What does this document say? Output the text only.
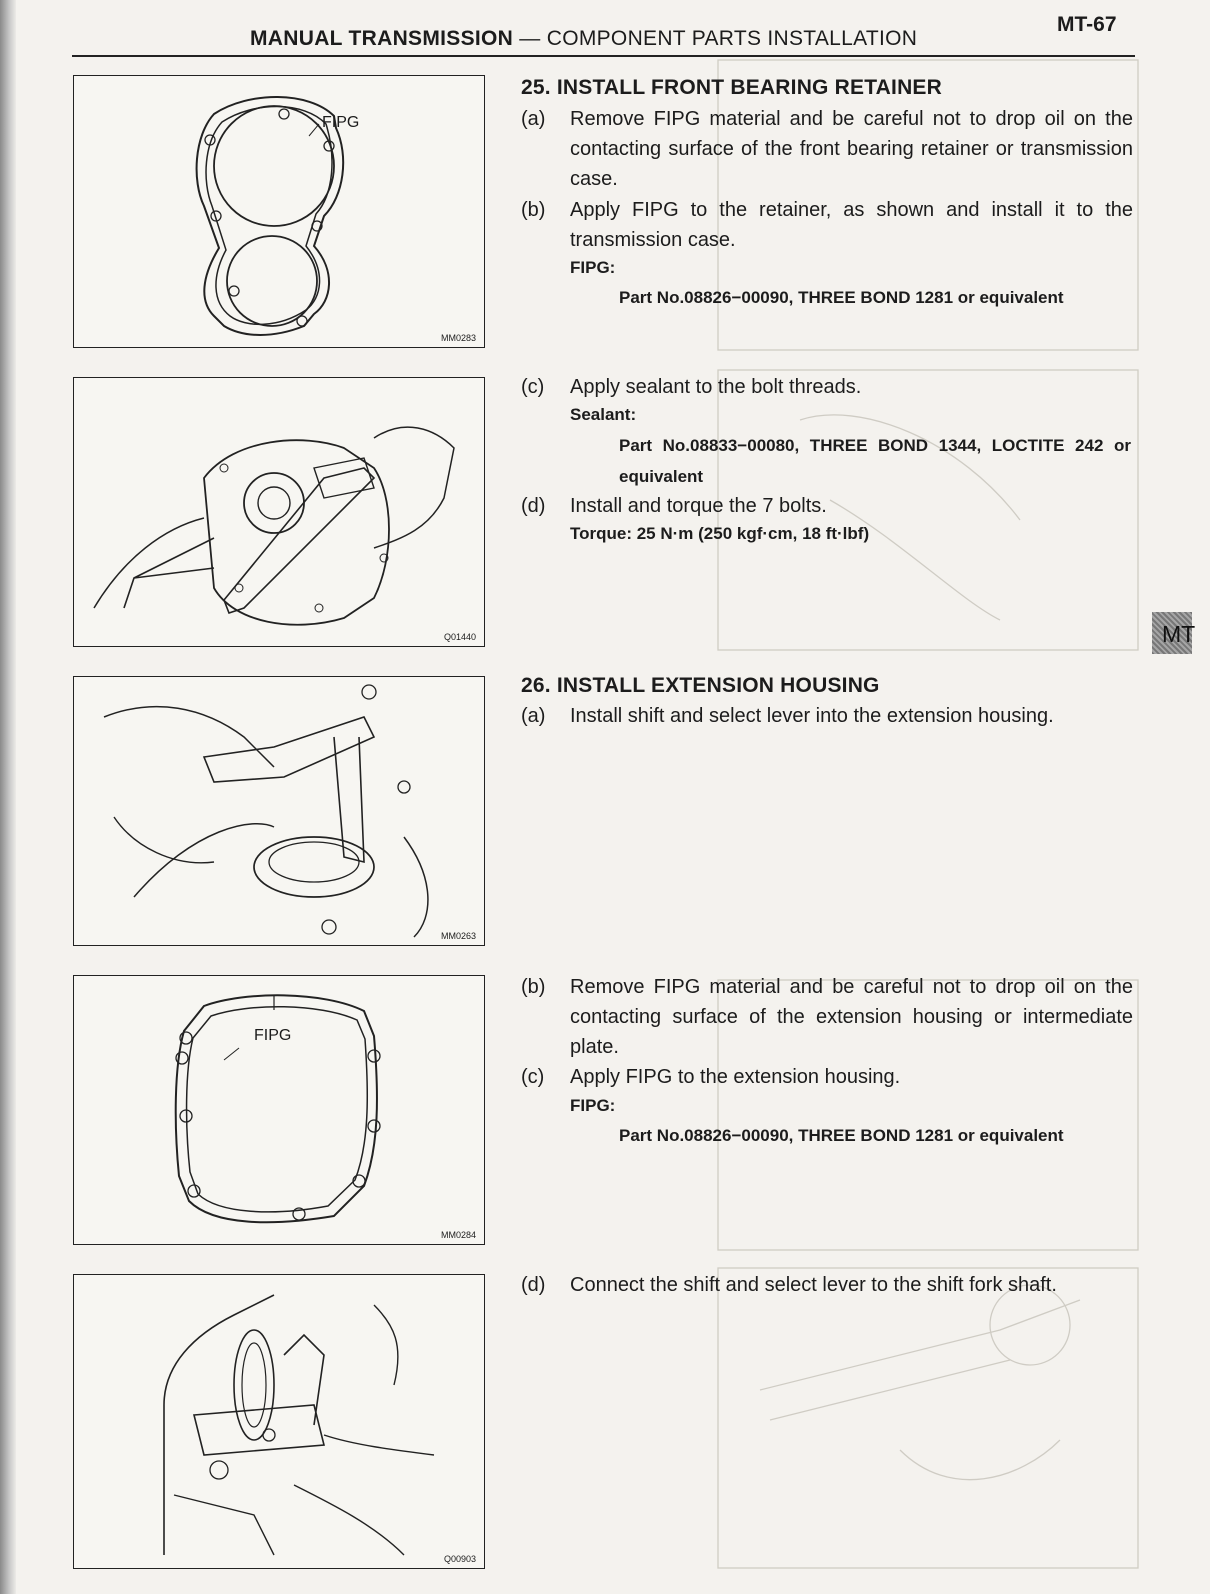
MANUAL TRANSMISSION — COMPONENT PARTS INSTALLATION
MT-67
FIPG
MM0283
Q01440
MM0263
FIPG
MM0284
Q00903
MT
25. INSTALL FRONT BEARING RETAINER
(a) Remove FIPG material and be careful not to drop oil on the contacting surface of the front bearing retainer or transmission case.
(b) Apply FIPG to the retainer, as shown and install it to the transmission case.
FIPG:
Part No.08826−00090, THREE BOND 1281 or equivalent
(c) Apply sealant to the bolt threads.
Sealant:
Part No.08833−00080, THREE BOND 1344, LOCTITE 242 or equivalent
(d) Install and torque the 7 bolts.
Torque: 25 N·m (250 kgf·cm, 18 ft·lbf)
26. INSTALL EXTENSION HOUSING
(a) Install shift and select lever into the extension housing.
(b) Remove FIPG material and be careful not to drop oil on the contacting surface of the extension housing or intermediate plate.
(c) Apply FIPG to the extension housing.
FIPG:
Part No.08826−00090, THREE BOND 1281 or equivalent
(d) Connect the shift and select lever to the shift fork shaft.
